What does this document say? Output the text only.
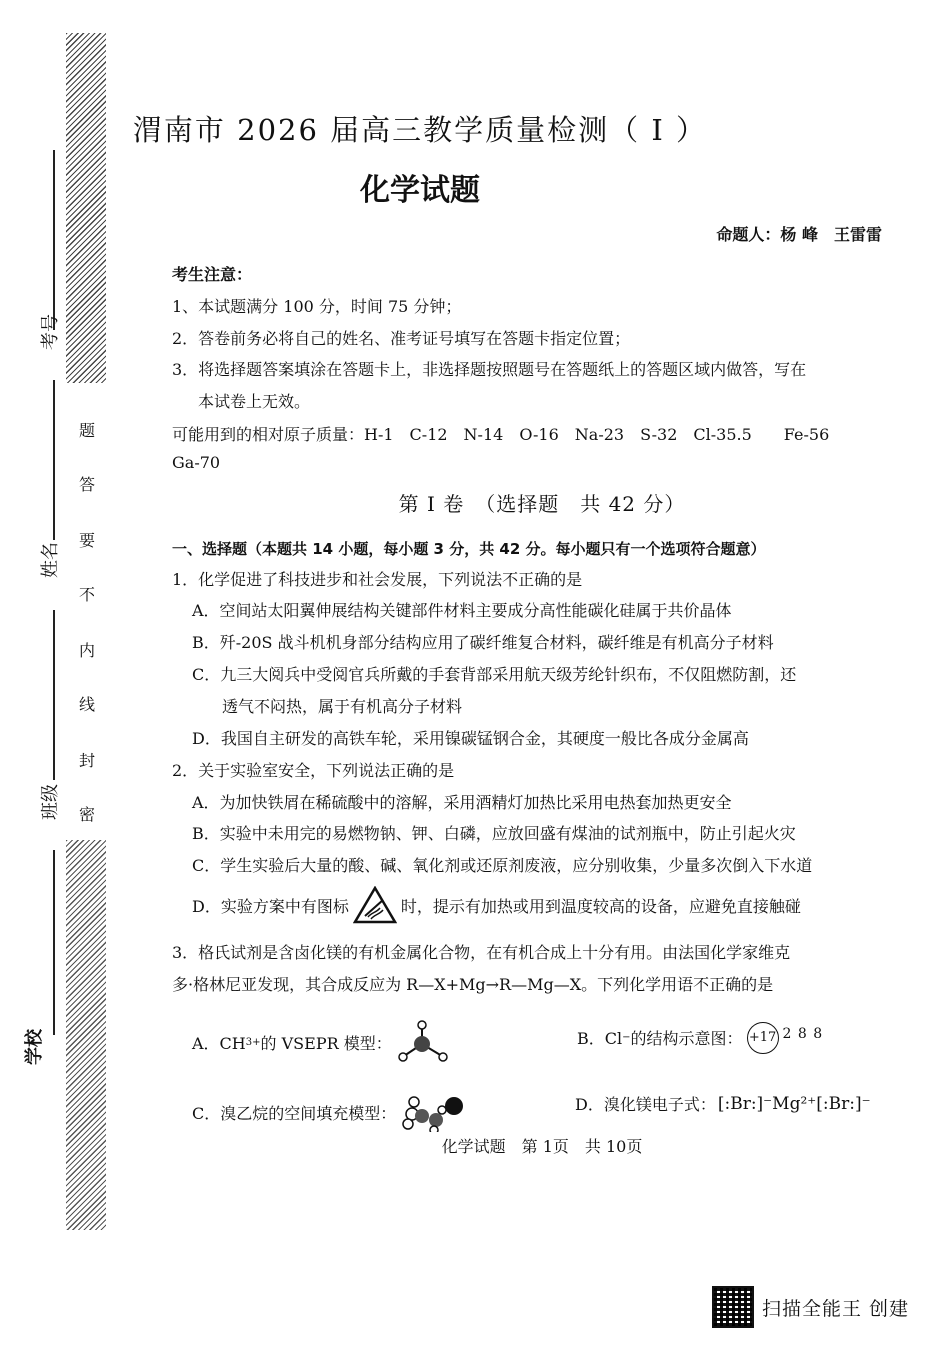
考号
姓名
班级
学校
题
答
要
不
内
线
封
密
渭南市 2026 届高三教学质量检测（ Ⅰ ）
化学试题
命题人：杨 峰　王雷雷
考生注意：
1、本试题满分 100 分，时间 75 分钟；
2．答卷前务必将自己的姓名、准考证号填写在答题卡指定位置；
3．将选择题答案填涂在答题卡上，非选择题按照题号在答题纸上的答题区域内做答，写在
本试卷上无效。
可能用到的相对原子质量：H-1　C-12　N-14　O-16　Na-23　S-32　Cl-35.5　　Fe-56
Ga-70
第 Ⅰ 卷　（选择题　共 42 分）
一、选择题（本题共 14 小题，每小题 3 分，共 42 分。每小题只有一个选项符合题意）
1．化学促进了科技进步和社会发展，下列说法不正确的是
A．空间站太阳翼伸展结构关键部件材料主要成分高性能碳化硅属于共价晶体
B．歼-20S 战斗机机身部分结构应用了碳纤维复合材料，碳纤维是有机高分子材料
C．九三大阅兵中受阅官兵所戴的手套背部采用航天级芳纶针织布，不仅阻燃防割，还
透气不闷热，属于有机高分子材料
D．我国自主研发的高铁车轮，采用镍碳锰钢合金，其硬度一般比各成分金属高
2．关于实验室安全，下列说法正确的是
A．为加快铁屑在稀硫酸中的溶解，采用酒精灯加热比采用电热套加热更安全
B．实验中未用完的易燃物钠、钾、白磷，应放回盛有煤油的试剂瓶中，防止引起火灾
C．学生实验后大量的酸、碱、氧化剂或还原剂废液，应分别收集，少量多次倒入下水道
D．实验方案中有图标	时，提示有加热或用到温度较高的设备，应避免直接触碰
3．格氏试剂是含卤化镁的有机金属化合物，在有机合成上十分有用。由法国化学家维克
多·格林尼亚发现，其合成反应为 R—X+Mg→R—Mg—X。下列化学用语不正确的是
A．CH 3 + 的 VSEPR 模型：	B．Cl − 的结构示意图： +17 2 8 8
C．溴乙烷的空间填充模型：	D．溴化镁电子式： [:Br:]⁻Mg²⁺[:Br:]⁻
化学试题　第 1页　共 10页
扫描全能王 创建
